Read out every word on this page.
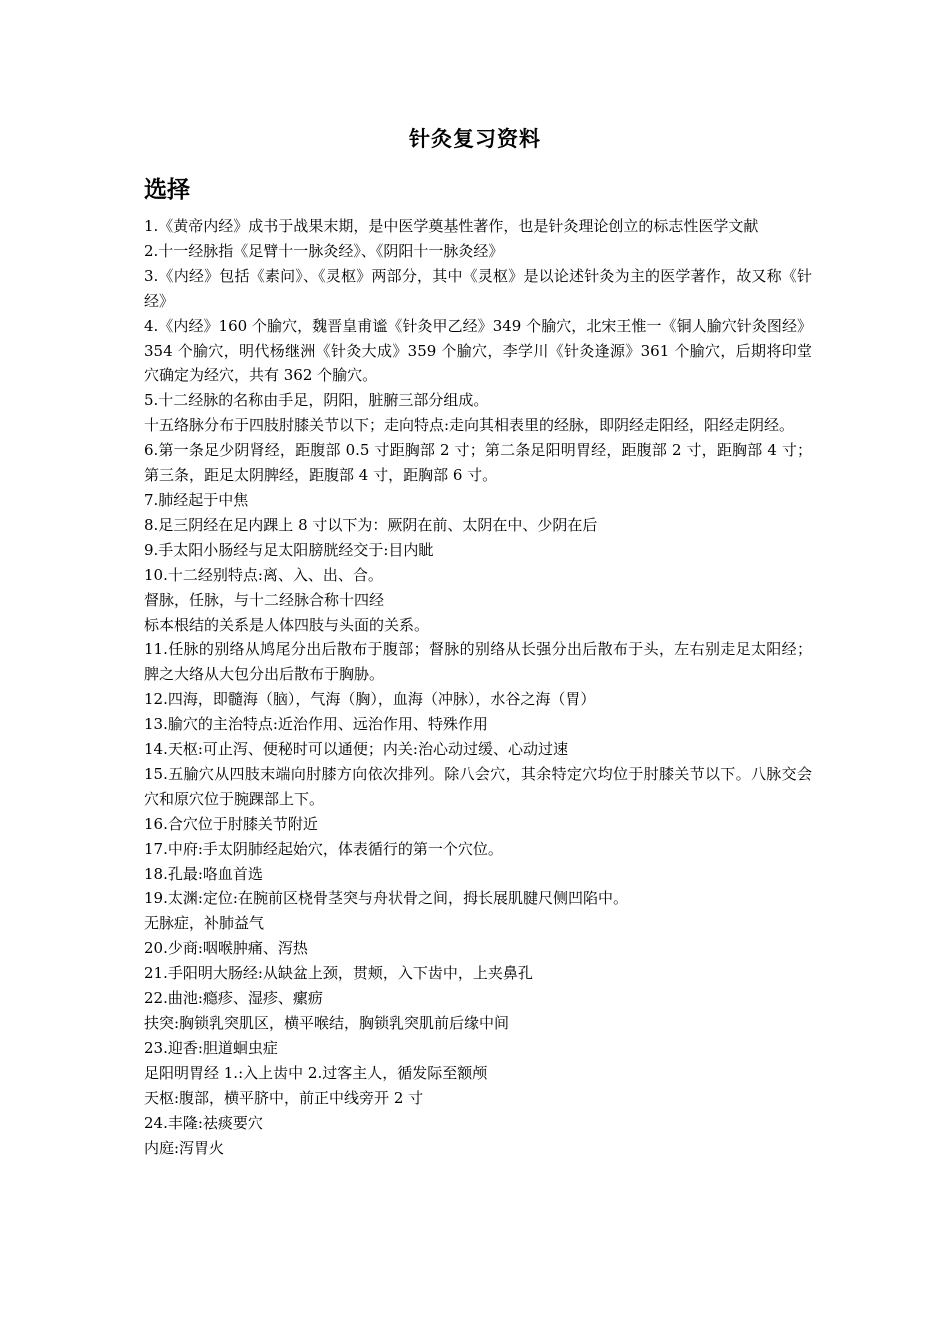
针灸复习资料
选择

1.《黄帝内经》成书于战果末期，是中医学奠基性著作，也是针灸理论创立的标志性医学文献

2.十一经脉指《足臂十一脉灸经》、《阴阳十一脉灸经》

3.《内经》包括《素问》、《灵枢》两部分，其中《灵枢》是以论述针灸为主的医学著作，故又称《针经》

4.《内经》160 个腧穴，魏晋皇甫谧《针灸甲乙经》349 个腧穴，北宋王惟一《铜人腧穴针灸图经》354 个腧穴，明代杨继洲《针灸大成》359 个腧穴，李学川《针灸逢源》361 个腧穴，后期将印堂穴确定为经穴，共有 362 个腧穴。

5.十二经脉的名称由手足，阴阳，脏腑三部分组成。

十五络脉分布于四肢肘膝关节以下；走向特点:走向其相表里的经脉，即阴经走阳经，阳经走阴经。

6.第一条足少阴肾经，距腹部 0.5 寸距胸部 2 寸；第二条足阳明胃经，距腹部 2 寸，距胸部 4 寸；第三条，距足太阴脾经，距腹部 4 寸，距胸部 6 寸。

7.肺经起于中焦

8.足三阴经在足内踝上 8 寸以下为：厥阴在前、太阴在中、少阴在后

9.手太阳小肠经与足太阳膀胱经交于:目内眦

10.十二经别特点:离、入、出、合。

督脉，任脉，与十二经脉合称十四经

标本根结的关系是人体四肢与头面的关系。

11.任脉的别络从鸠尾分出后散布于腹部；督脉的别络从长强分出后散布于头，左右别走足太阳经；脾之大络从大包分出后散布于胸胁。

12.四海，即髓海（脑），气海（胸），血海（冲脉），水谷之海（胃）

13.腧穴的主治特点:近治作用、远治作用、特殊作用

14.天枢:可止泻、便秘时可以通便；内关:治心动过缓、心动过速

15.五腧穴从四肢末端向肘膝方向依次排列。除八会穴，其余特定穴均位于肘膝关节以下。八脉交会穴和原穴位于腕踝部上下。

16.合穴位于肘膝关节附近

17.中府:手太阴肺经起始穴，体表循行的第一个穴位。

18.孔最:咯血首选

19.太渊:定位:在腕前区桡骨茎突与舟状骨之间，拇长展肌腱尺侧凹陷中。

无脉症，补肺益气

20.少商:咽喉肿痛、泻热

21.手阳明大肠经:从缺盆上颈，贯颊，入下齿中，上夹鼻孔

22.曲池:瘾疹、湿疹、瘰疬

扶突:胸锁乳突肌区，横平喉结，胸锁乳突肌前后缘中间

23.迎香:胆道蛔虫症

足阳明胃经 1.:入上齿中 2.过客主人，循发际至额颅

天枢:腹部，横平脐中，前正中线旁开 2 寸

24.丰隆:祛痰要穴

内庭:泻胃火
